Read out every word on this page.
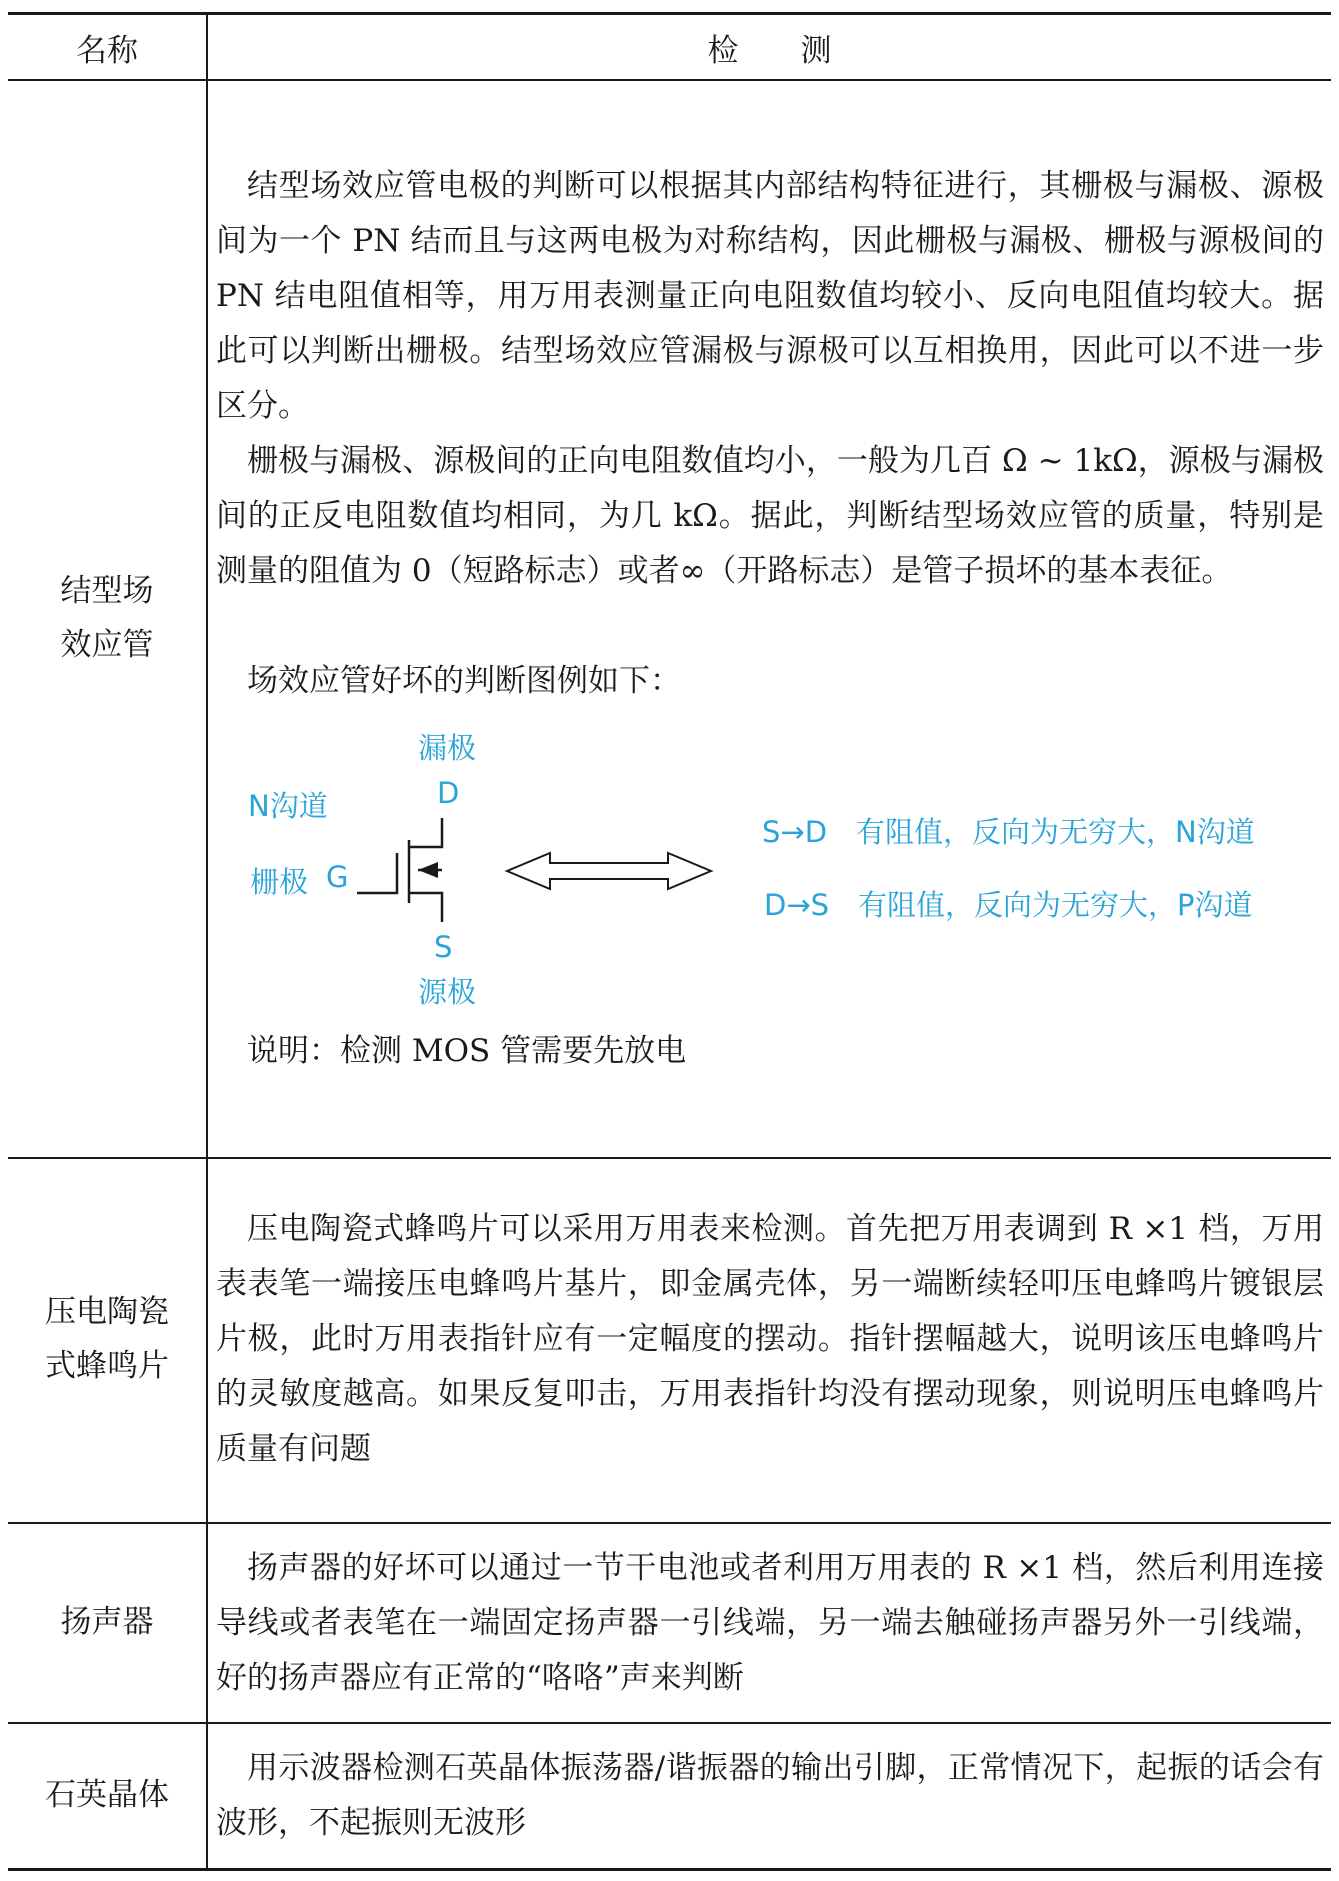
名称	检　　测
结型场
效应管

结型场效应管电极的判断可以根据其内部结构特征进行，其栅极与漏极、源极间为一个 PN 结而且与这两电极为对称结构，因此栅极与漏极、栅极与源极间的 PN 结电阻值相等，用万用表测量正向电阻数值均较小、反向电阻值均较大。据此可以判断出栅极。结型场效应管漏极与源极可以互相换用，因此可以不进一步区分。

栅极与漏极、源极间的正向电阻数值均小，一般为几百 Ω ~ 1kΩ，源极与漏极间的正反电阻数值均相同，为几 kΩ。据此，判断结型场效应管的质量，特别是测量的阻值为 0（短路标志）或者∞（开路标志）是管子损坏的基本表征。

场效应管好坏的判断图例如下：

漏极
D
N沟道
栅极 G
S
源极
S→D　有阻值，反向为无穷大，N沟道
D→S　有阻值，反向为无穷大，P沟道

说明：检测 MOS 管需要先放电

压电陶瓷
式蜂鸣片

压电陶瓷式蜂鸣片可以采用万用表来检测。首先把万用表调到 R ×1 档，万用表表笔一端接压电蜂鸣片基片，即金属壳体，另一端断续轻叩压电蜂鸣片镀银层片极，此时万用表指针应有一定幅度的摆动。指针摆幅越大，说明该压电蜂鸣片的灵敏度越高。如果反复叩击，万用表指针均没有摆动现象，则说明压电蜂鸣片质量有问题

扬声器

扬声器的好坏可以通过一节干电池或者利用万用表的 R ×1 档，然后利用连接导线或者表笔在一端固定扬声器一引线端，另一端去触碰扬声器另外一引线端，好的扬声器应有正常的“咯咯”声来判断

石英晶体

用示波器检测石英晶体振荡器/谐振器的输出引脚，正常情况下，起振的话会有波形，不起振则无波形
